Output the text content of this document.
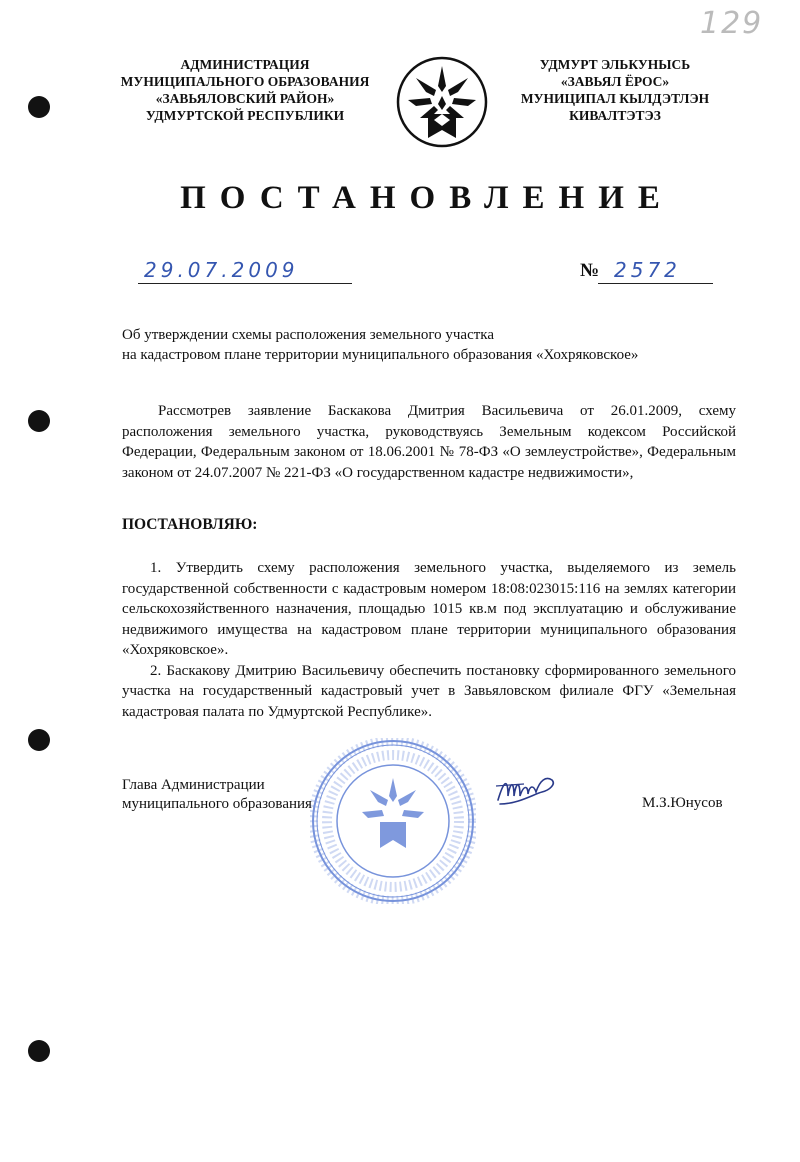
129
АДМИНИСТРАЦИЯ
МУНИЦИПАЛЬНОГО ОБРАЗОВАНИЯ
«ЗАВЬЯЛОВСКИЙ РАЙОН»
УДМУРТСКОЙ РЕСПУБЛИКИ
УДМУРТ ЭЛЬКУНЫСЬ
«ЗАВЬЯЛ ЁРОС»
МУНИЦИПАЛ КЫЛДЭТЛЭН
КИВАЛТЭТЭЗ
ПОСТАНОВЛЕНИЕ
29.07.2009	№ 2572
Об утверждении схемы расположения земельного участка
на кадастровом плане территории муниципального образования «Хохряковское»

Рассмотрев заявление Баскакова Дмитрия Васильевича от 26.01.2009, схему расположения земельного участка, руководствуясь Земельным кодексом Российской Федерации, Федеральным законом от 18.06.2001 № 78-ФЗ «О землеустройстве», Федеральным законом от 24.07.2007 № 221-ФЗ «О государственном кадастре недвижимости»,

ПОСТАНОВЛЯЮ:

1. Утвердить схему расположения земельного участка, выделяемого из земель государственной собственности с кадастровым номером 18:08:023015:116 на землях категории сельскохозяйственного назначения, площадью 1015 кв.м под эксплуатацию и обслуживание недвижимого имущества на кадастровом плане территории муниципального образования «Хохряковское».

2. Баскакову Дмитрию Васильевичу обеспечить постановку сформированного земельного участка на государственный кадастровый учет в Завьяловском филиале ФГУ «Земельная кадастровая палата по Удмуртской Республике».

Глава Администрации
муниципального образования	М.З.Юнусов
